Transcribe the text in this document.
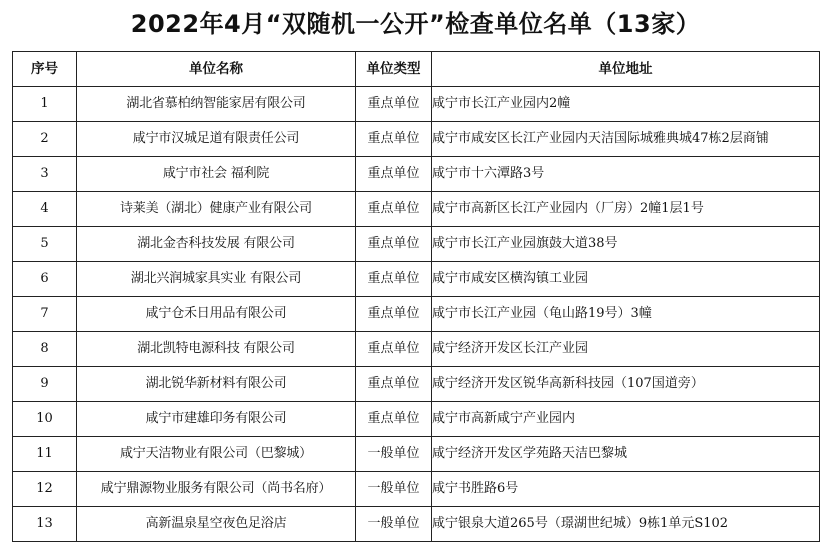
2022年4月“双随机一公开”检查单位名单（13家）
序号	单位名称	单位类型	单位地址
1	湖北省慕柏纳智能家居有限公司	重点单位	咸宁市长江产业园内2幢
2	咸宁市汉城足道有限责任公司	重点单位	咸宁市咸安区长江产业园内天洁国际城雅典城47栋2层商铺
3	咸宁市社会 福利院	重点单位	咸宁市十六潭路3号
4	诗莱美（湖北）健康产业有限公司	重点单位	咸宁市高新区长江产业园内（厂房）2幢1层1号
5	湖北金杏科技发展 有限公司	重点单位	咸宁市长江产业园旗鼓大道38号
6	湖北兴润城家具实业 有限公司	重点单位	咸宁市咸安区横沟镇工业园
7	咸宁仓禾日用品有限公司	重点单位	咸宁市长江产业园（龟山路19号）3幢
8	湖北凯特电源科技 有限公司	重点单位	咸宁经济开发区长江产业园
9	湖北锐华新材料有限公司	重点单位	咸宁经济开发区锐华高新科技园（107国道旁）
10	咸宁市建雄印务有限公司	重点单位	咸宁市高新咸宁产业园内
11	咸宁天洁物业有限公司（巴黎城）	一般单位	咸宁经济开发区学苑路天洁巴黎城
12	咸宁鼎源物业服务有限公司（尚书名府）	一般单位	咸宁书胜路6号
13	高新温泉星空夜色足浴店	一般单位	咸宁银泉大道265号（璟湖世纪城）9栋1单元S102
